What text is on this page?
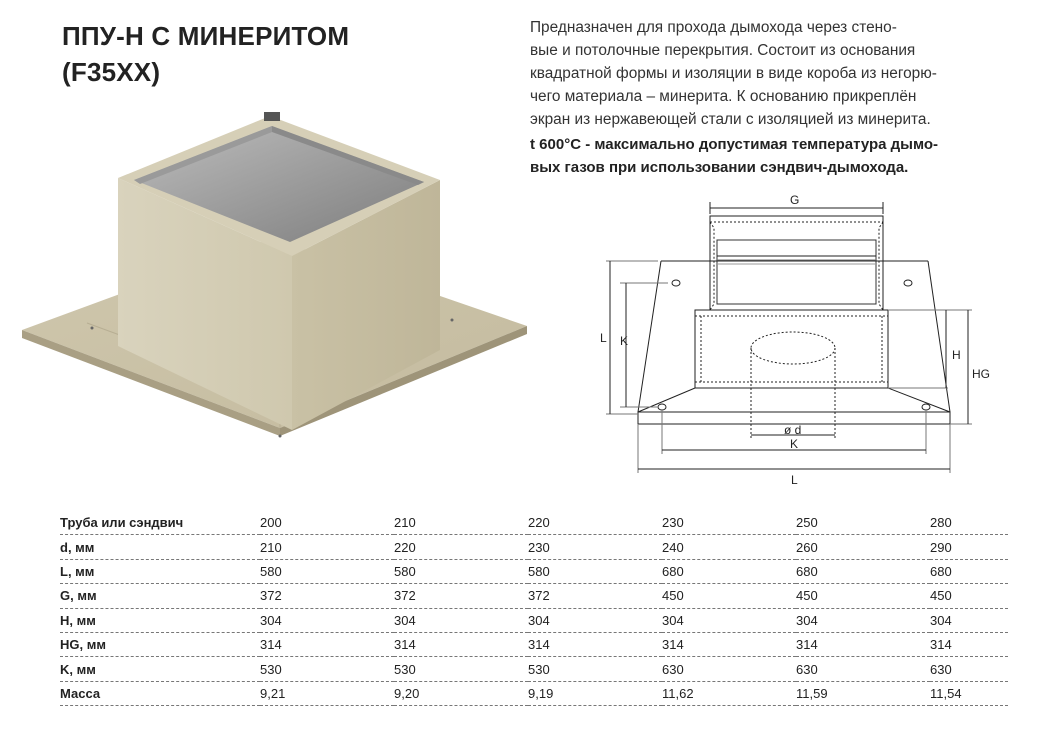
ППУ-Н С МИНЕРИТОМ
(F35XX)
Предназначен для прохода дымохода через стено-
вые и потолочные перекрытия. Состоит из основания
квадратной формы и изоляции в виде короба из негорю-
чего материала – минерита. К основанию прикреплён
экран из нержавеющей стали с изоляцией из минерита.
t 600°С - максимально допустимая температура дымо-
вых газов при использовании сэндвич-дымохода.
G
L K
H
HG
ø d
K
L
Труба или сэндвич	200	210	220	230	250	280
d, мм	210	220	230	240	260	290
L, мм	580	580	580	680	680	680
G, мм	372	372	372	450	450	450
H, мм	304	304	304	304	304	304
HG, мм	314	314	314	314	314	314
K, мм	530	530	530	630	630	630
Масса	9,21	9,20	9,19	11,62	11,59	11,54
